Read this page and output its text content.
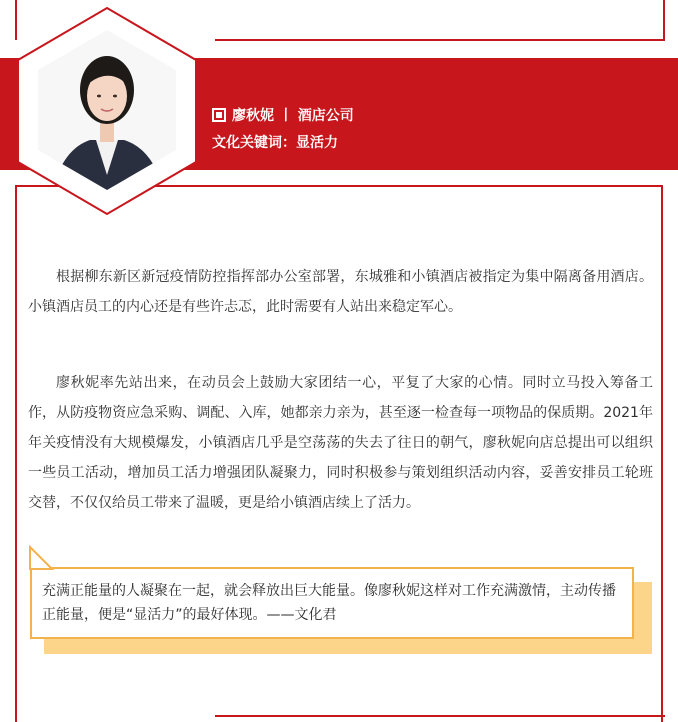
廖秋妮 丨 酒店公司
文化关键词：显活力
根据柳东新区新冠疫情防控指挥部办公室部署，东城雅和小镇酒店被指定为集中隔离备用酒店。小镇酒店员工的内心还是有些许忐忑，此时需要有人站出来稳定军心。
廖秋妮率先站出来，在动员会上鼓励大家团结一心，平复了大家的心情。同时立马投入筹备工作，从防疫物资应急采购、调配、入库，她都亲力亲为，甚至逐一检查每一项物品的保质期。2021年年关疫情没有大规模爆发，小镇酒店几乎是空荡荡的失去了往日的朝气，廖秋妮向店总提出可以组织一些员工活动，增加员工活力增强团队凝聚力，同时积极参与策划组织活动内容，妥善安排员工轮班交替，不仅仅给员工带来了温暖，更是给小镇酒店续上了活力。
充满正能量的人凝聚在一起，就会释放出巨大能量。像廖秋妮这样对工作充满激情，主动传播正能量，便是“显活力”的最好体现。——文化君
